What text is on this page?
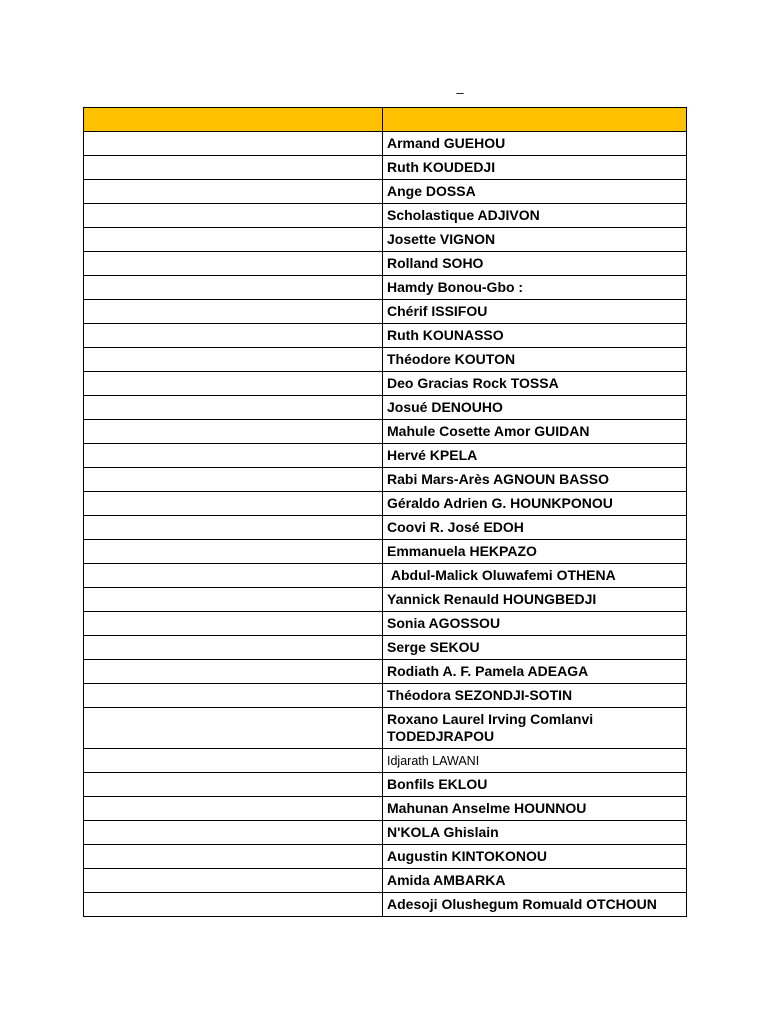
–

	Armand GUEHOU
	Ruth KOUDEDJI
	Ange DOSSA
	Scholastique ADJIVON
	Josette VIGNON
	Rolland SOHO
	Hamdy Bonou-Gbo :
	Chérif ISSIFOU
	Ruth KOUNASSO
	Théodore KOUTON
	Deo Gracias Rock TOSSA
	Josué DENOUHO
	Mahule Cosette Amor GUIDAN
	Hervé KPELA
	Rabi Mars-Arès AGNOUN BASSO
	Géraldo Adrien G. HOUNKPONOU
	Coovi R. José EDOH
	Emmanuela HEKPAZO
	Abdul-Malick Oluwafemi OTHENA
	Yannick Renauld HOUNGBEDJI
	Sonia AGOSSOU
	Serge SEKOU
	Rodiath A. F. Pamela ADEAGA
	Théodora SEZONDJI-SOTIN
	Roxano Laurel Irving Comlanvi TODEDJRAPOU
	Idjarath LAWANI
	Bonfils EKLOU
	Mahunan Anselme HOUNNOU
	N'KOLA Ghislain
	Augustin KINTOKONOU
	Amida AMBARKA
	Adesoji Olushegum Romuald OTCHOUN
